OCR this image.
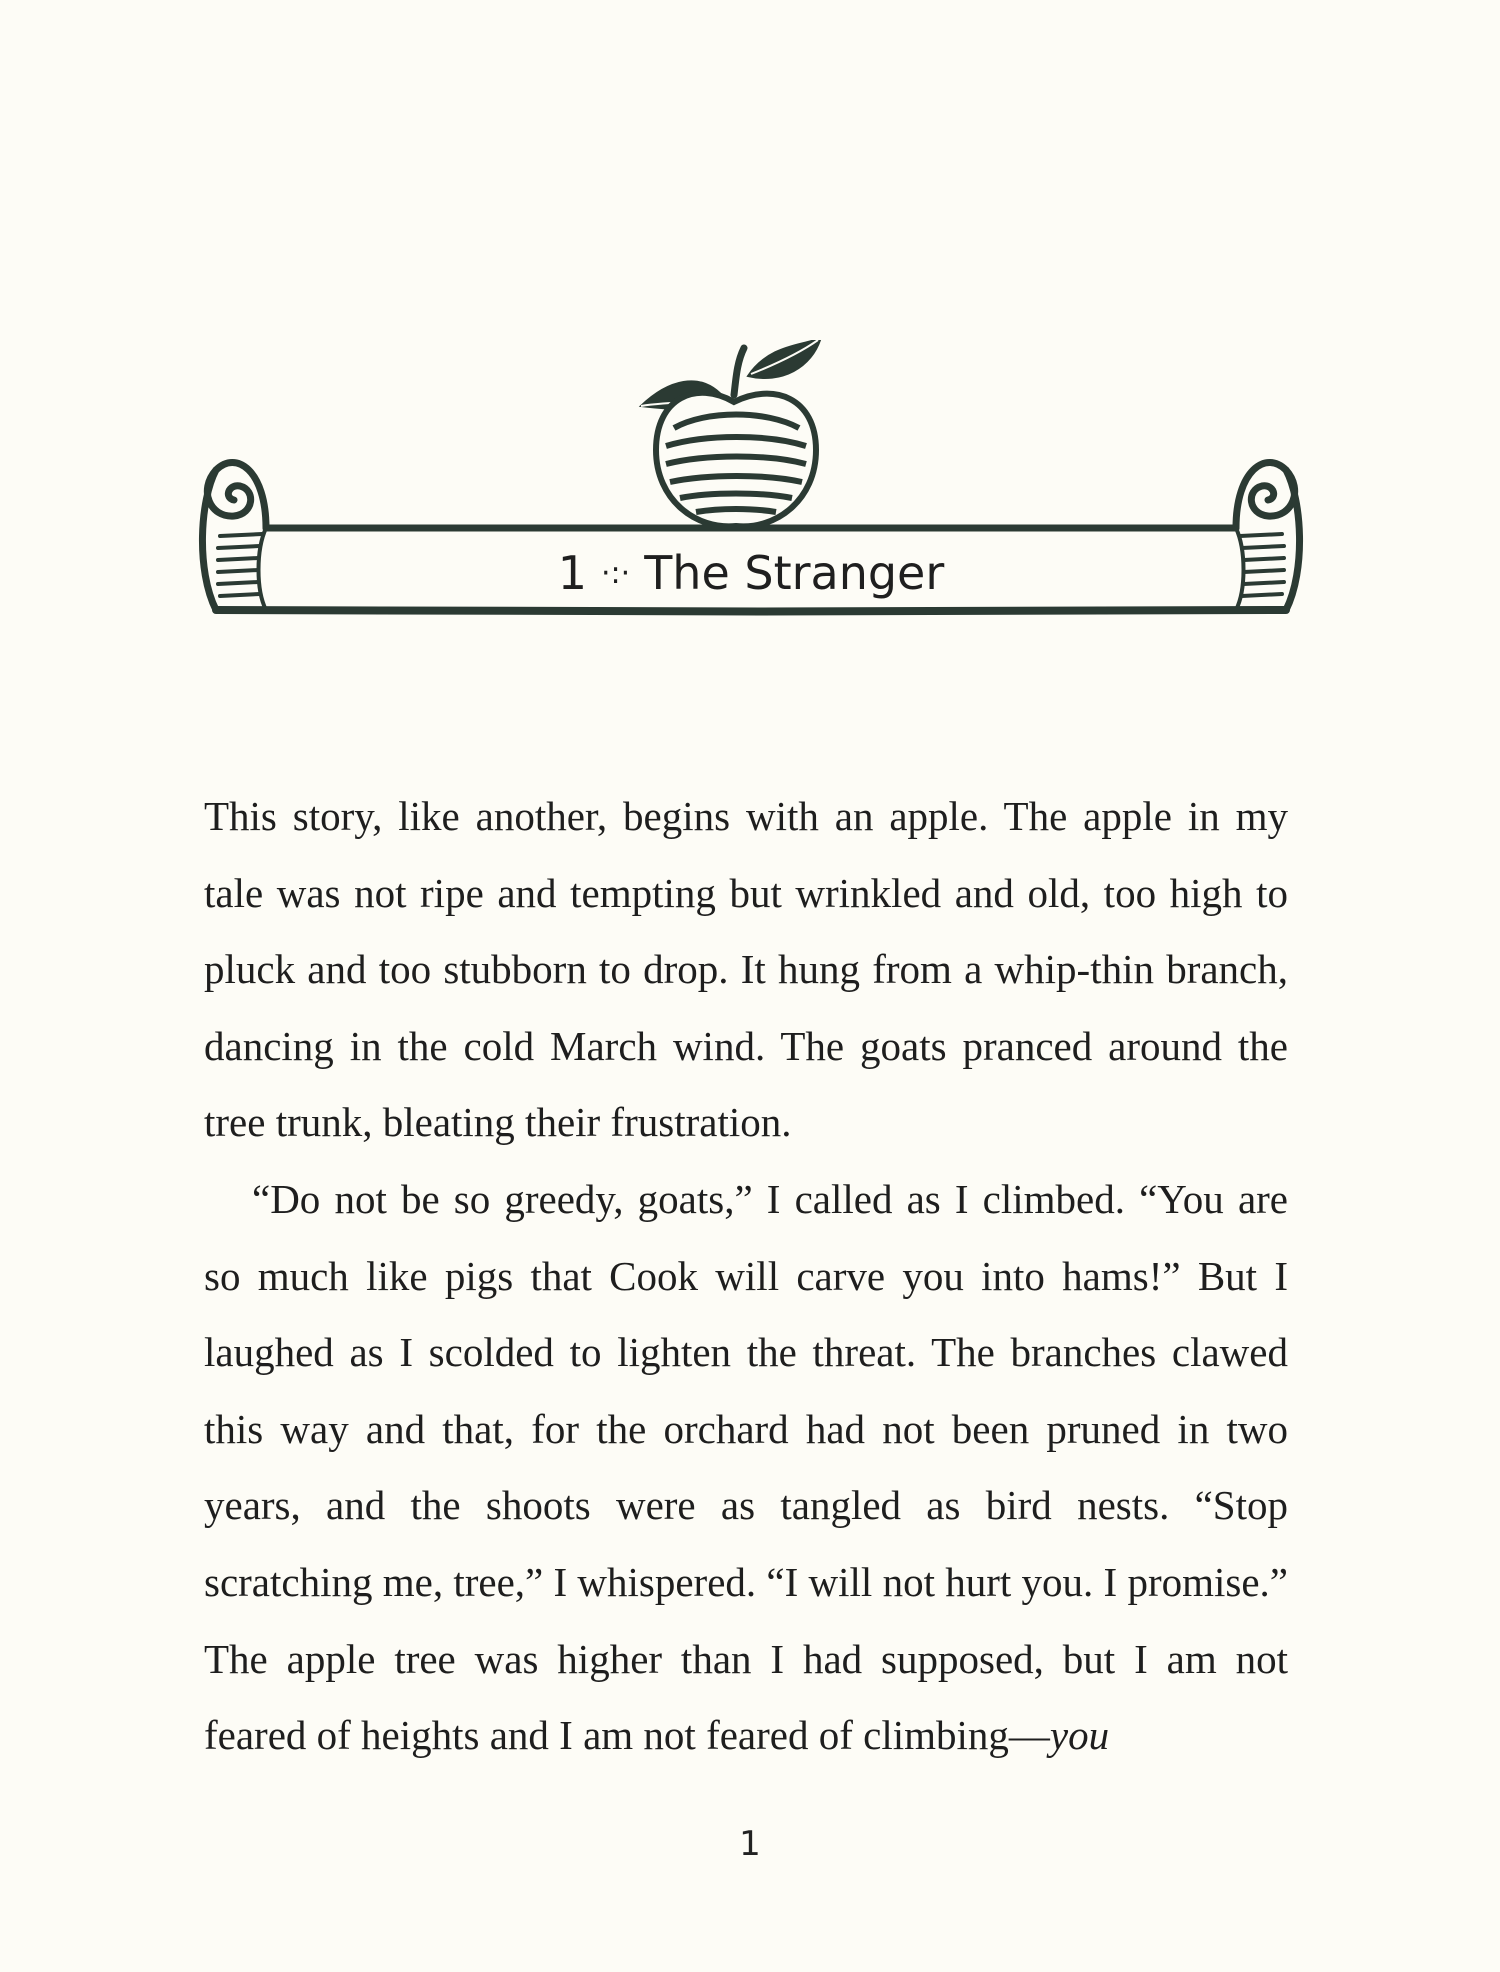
1 ·:· The Stranger

This story, like another, begins with an apple. The apple in my tale was not ripe and tempting but wrinkled and old, too high to pluck and too stubborn to drop. It hung from a whip-thin branch, dancing in the cold March wind. The goats pranced around the tree trunk, bleating their frustration.

“Do not be so greedy, goats,” I called as I climbed. “You are so much like pigs that Cook will carve you into hams!” But I laughed as I scolded to lighten the threat. The branches clawed this way and that, for the orchard had not been pruned in two years, and the shoots were as tangled as bird nests. “Stop scratching me, tree,” I whispered. “I will not hurt you. I promise.” The apple tree was higher than I had supposed, but I am not feared of heights and I am not feared of climbing—you

1
